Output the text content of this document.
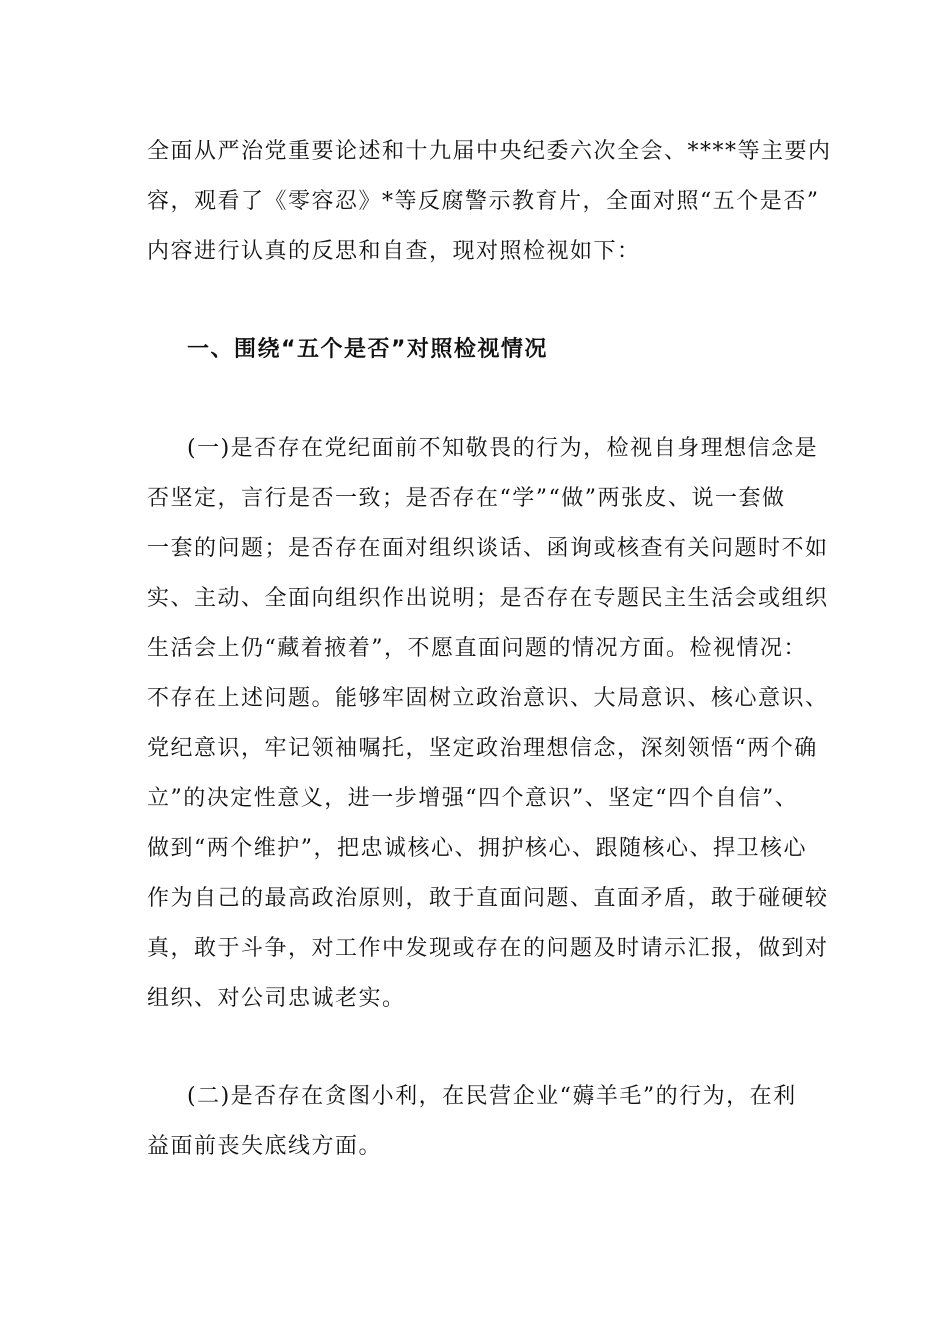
全面从严治党重要论述和十九届中央纪委六次全会、****等主要内
容，观看了《零容忍》*等反腐警示教育片，全面对照“五个是否”
内容进行认真的反思和自查，现对照检视如下：
一、围绕“五个是否”对照检视情况
(一)是否存在党纪面前不知敬畏的行为，检视自身理想信念是
否坚定，言行是否一致；是否存在“学”“做”两张皮、说一套做
一套的问题；是否存在面对组织谈话、函询或核查有关问题时不如
实、主动、全面向组织作出说明；是否存在专题民主生活会或组织
生活会上仍“藏着掖着”，不愿直面问题的情况方面。检视情况：
不存在上述问题。能够牢固树立政治意识、大局意识、核心意识、
党纪意识，牢记领袖嘱托，坚定政治理想信念，深刻领悟“两个确
立”的决定性意义，进一步增强“四个意识”、坚定“四个自信”、
做到“两个维护”，把忠诚核心、拥护核心、跟随核心、捍卫核心
作为自己的最高政治原则，敢于直面问题、直面矛盾，敢于碰硬较
真，敢于斗争，对工作中发现或存在的问题及时请示汇报，做到对
组织、对公司忠诚老实。
(二)是否存在贪图小利，在民营企业“薅羊毛”的行为，在利
益面前丧失底线方面。
